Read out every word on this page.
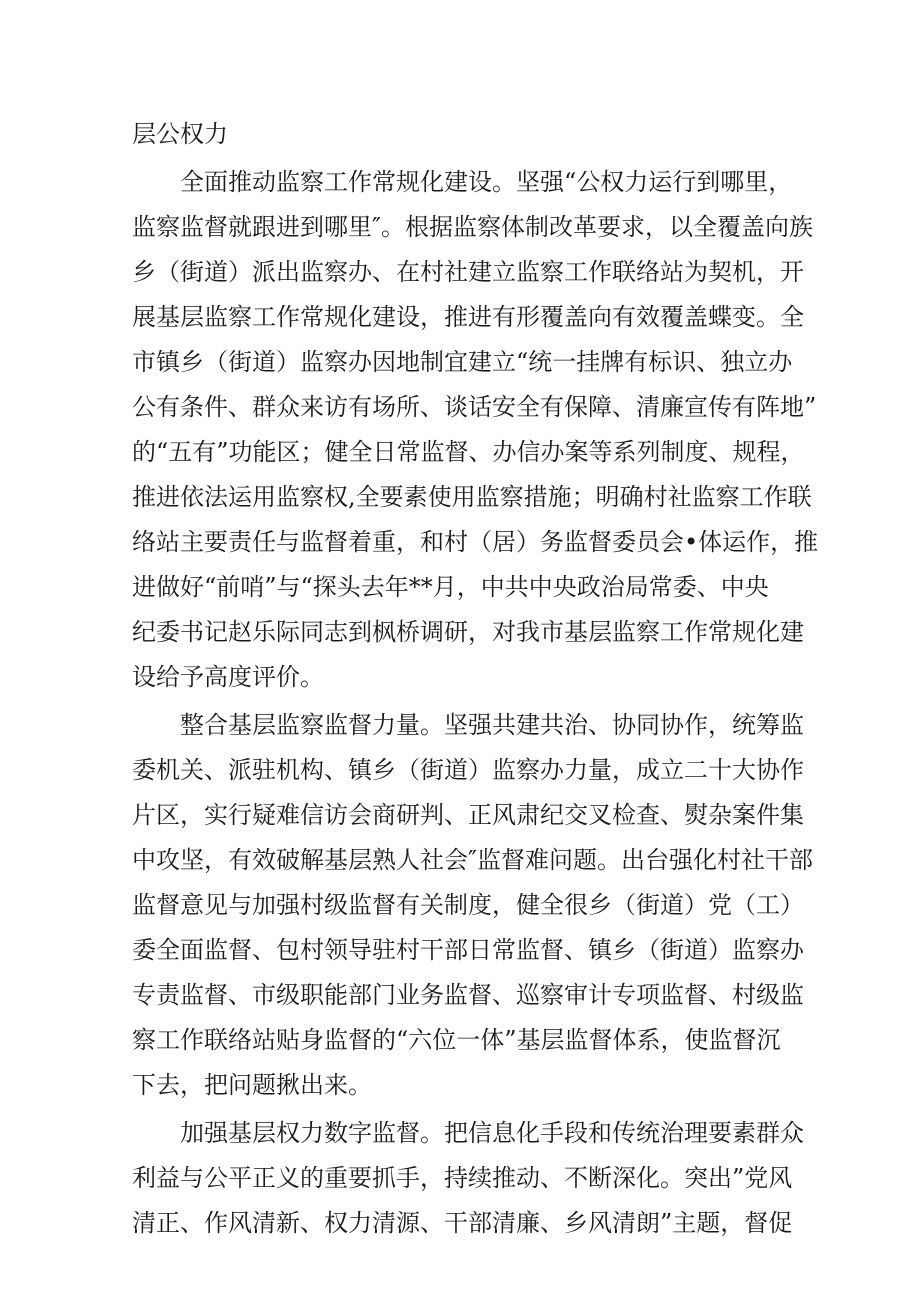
层公权力
　　全面推动监察工作常规化建设。坚强“公权力运行到哪里，
监察监督就跟进到哪里″。根据监察体制改革要求，以全覆盖向族
乡（街道）派出监察办、在村社建立监察工作联络站为契机，开
展基层监察工作常规化建设，推进有形覆盖向有效覆盖蝶变。全
市镇乡（街道）监察办因地制宜建立“统一挂牌有标识、独立办
公有条件、群众来访有场所、谈话安全有保障、清廉宣传有阵地”
的“五有”功能区；健全日常监督、办信办案等系列制度、规程，
推进依法运用监察权,全要素使用监察措施；明确村社监察工作联
络站主要责任与监督着重，和村（居）务监督委员会•体运作，推
进做好“前哨”与“探头去年**月，中共中央政治局常委、中央
纪委书记赵乐际同志到枫桥调研，对我市基层监察工作常规化建
设给予高度评价。
　　整合基层监察监督力量。坚强共建共治、协同协作，统筹监
委机关、派驻机构、镇乡（街道）监察办力量，成立二十大协作
片区，实行疑难信访会商研判、正风肃纪交叉检查、熨杂案件集
中攻坚，有效破解基层熟人社会″监督难问题。出台强化村社干部
监督意见与加强村级监督有关制度，健全很乡（街道）党（工）
委全面监督、包村领导驻村干部日常监督、镇乡（街道）监察办
专责监督、市级职能部门业务监督、巡察审计专项监督、村级监
察工作联络站贴身监督的“六位一体”基层监督体系，使监督沉
下去，把问题揪出来。
　　加强基层权力数字监督。把信息化手段和传统治理要素群众
利益与公平正义的重要抓手，持续推动、不断深化。突出”党风
清正、作风清新、权力清源、干部清廉、乡风清朗”主题，督促
